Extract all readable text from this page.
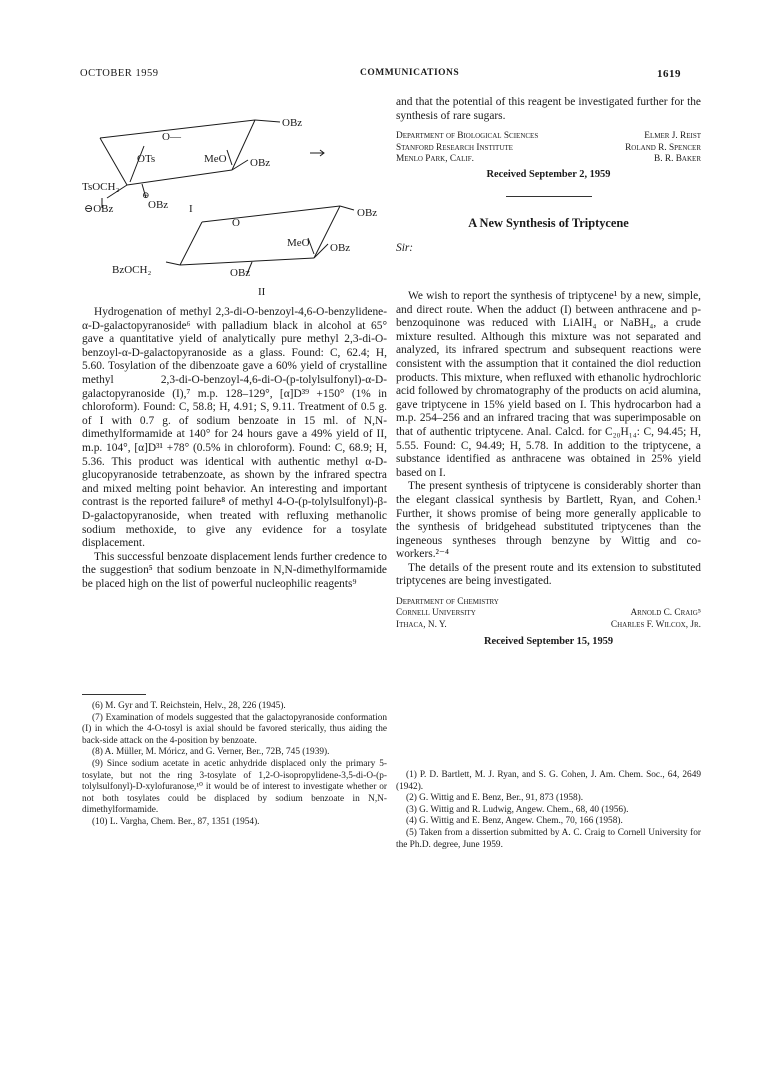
OCTOBER 1959	COMMUNICATIONS	1619
O—
OBz
OTs	MeO OBz
TsOCH₂
⊖
OBz
⊖OBz	I
O
OBz
MeO OBz
BzOCH₂	OBz
II

Hydrogenation of methyl 2,3-di-O-benzoyl-4,6-O-benzylidene-α-D-galactopyranoside⁶ with palladium black in alcohol at 65° gave a quantitative yield of analytically pure methyl 2,3-di-O-benzoyl-α-D-galactopyranoside as a glass. Found: C, 62.4; H, 5.60. Tosylation of the dibenzoate gave a 60% yield of crystalline methyl 2,3-di-O-benzoyl-4,6-di-O-(p-tolylsulfonyl)-α-D-galactopyranoside (I),⁷ m.p. 128–129°, [α]D³⁹ +150° (1% in chloroform). Found: C, 58.8; H, 4.91; S, 9.11. Treatment of 0.5 g. of I with 0.7 g. of sodium benzoate in 15 ml. of N,N-dimethylformamide at 140° for 24 hours gave a 49% yield of II, m.p. 104°, [α]D³¹ +78° (0.5% in chloroform). Found: C, 68.9; H, 5.36. This product was identical with authentic methyl α-D-glucopyranoside tetrabenzoate, as shown by the infrared spectra and mixed melting point behavior. An interesting and important contrast is the reported failure⁸ of methyl 4-O-(p-tolylsulfonyl)-β-D-galactopyranoside, when treated with refluxing methanolic sodium methoxide, to give any evidence for a tosylate displacement.

This successful benzoate displacement lends further credence to the suggestion⁵ that sodium benzoate in N,N-dimethylformamide be placed high on the list of powerful nucleophilic reagents⁹

(6) M. Gyr and T. Reichstein, Helv., 28, 226 (1945).

(7) Examination of models suggested that the galactopyranoside conformation (I) in which the 4-O-tosyl is axial should be favored sterically, thus aiding the back-side attack on the 4-position by benzoate.

(8) A. Müller, M. Móricz, and G. Verner, Ber., 72B, 745 (1939).

(9) Since sodium acetate in acetic anhydride displaced only the primary 5-tosylate, but not the ring 3-tosylate of 1,2-O-isopropylidene-3,5-di-O-(p-tolylsulfonyl)-D-xylofuranose,¹⁰ it would be of interest to investigate whether or not both tosylates could be displaced by sodium benzoate in N,N-dimethylformamide.

(10) L. Vargha, Chem. Ber., 87, 1351 (1954).

and that the potential of this reagent be investigated further for the synthesis of rare sugars.

Department of Biological Sciences	Elmer J. Reist
Stanford Research Institute	Roland R. Spencer
Menlo Park, Calif.	B. R. Baker
Received September 2, 1959
A New Synthesis of Triptycene
Sir:

We wish to report the synthesis of triptycene¹ by a new, simple, and direct route. When the adduct (I) between anthracene and p-benzoquinone was reduced with LiAlH₄ or NaBH₄, a crude mixture resulted. Although this mixture was not separated and analyzed, its infrared spectrum and subsequent reactions were consistent with the assumption that it contained the diol reduction products. This mixture, when refluxed with ethanolic hydrochloric acid followed by chromatography of the products on acid alumina, gave triptycene in 15% yield based on I. This hydrocarbon had a m.p. 254–256 and an infrared tracing that was superimposable on that of authentic triptycene. Anal. Calcd. for C₂₀H₁₄: C, 94.45; H, 5.55. Found: C, 94.49; H, 5.78. In addition to the triptycene, a substance identified as anthracene was obtained in 25% yield based on I.

The present synthesis of triptycene is considerably shorter than the elegant classical synthesis by Bartlett, Ryan, and Cohen.¹ Further, it shows promise of being more generally applicable to the synthesis of bridgehead substituted triptycenes than the ingeneous syntheses through benzyne by Wittig and co-workers.²⁻⁴

The details of the present route and its extension to substituted triptycenes are being investigated.

Department of Chemistry
Cornell University	Arnold C. Craig⁵
Ithaca, N. Y.	Charles F. Wilcox, Jr.
Received September 15, 1959

(1) P. D. Bartlett, M. J. Ryan, and S. G. Cohen, J. Am. Chem. Soc., 64, 2649 (1942).

(2) G. Wittig and E. Benz, Ber., 91, 873 (1958).

(3) G. Wittig and R. Ludwig, Angew. Chem., 68, 40 (1956).

(4) G. Wittig and E. Benz, Angew. Chem., 70, 166 (1958).

(5) Taken from a dissertion submitted by A. C. Craig to Cornell University for the Ph.D. degree, June 1959.
